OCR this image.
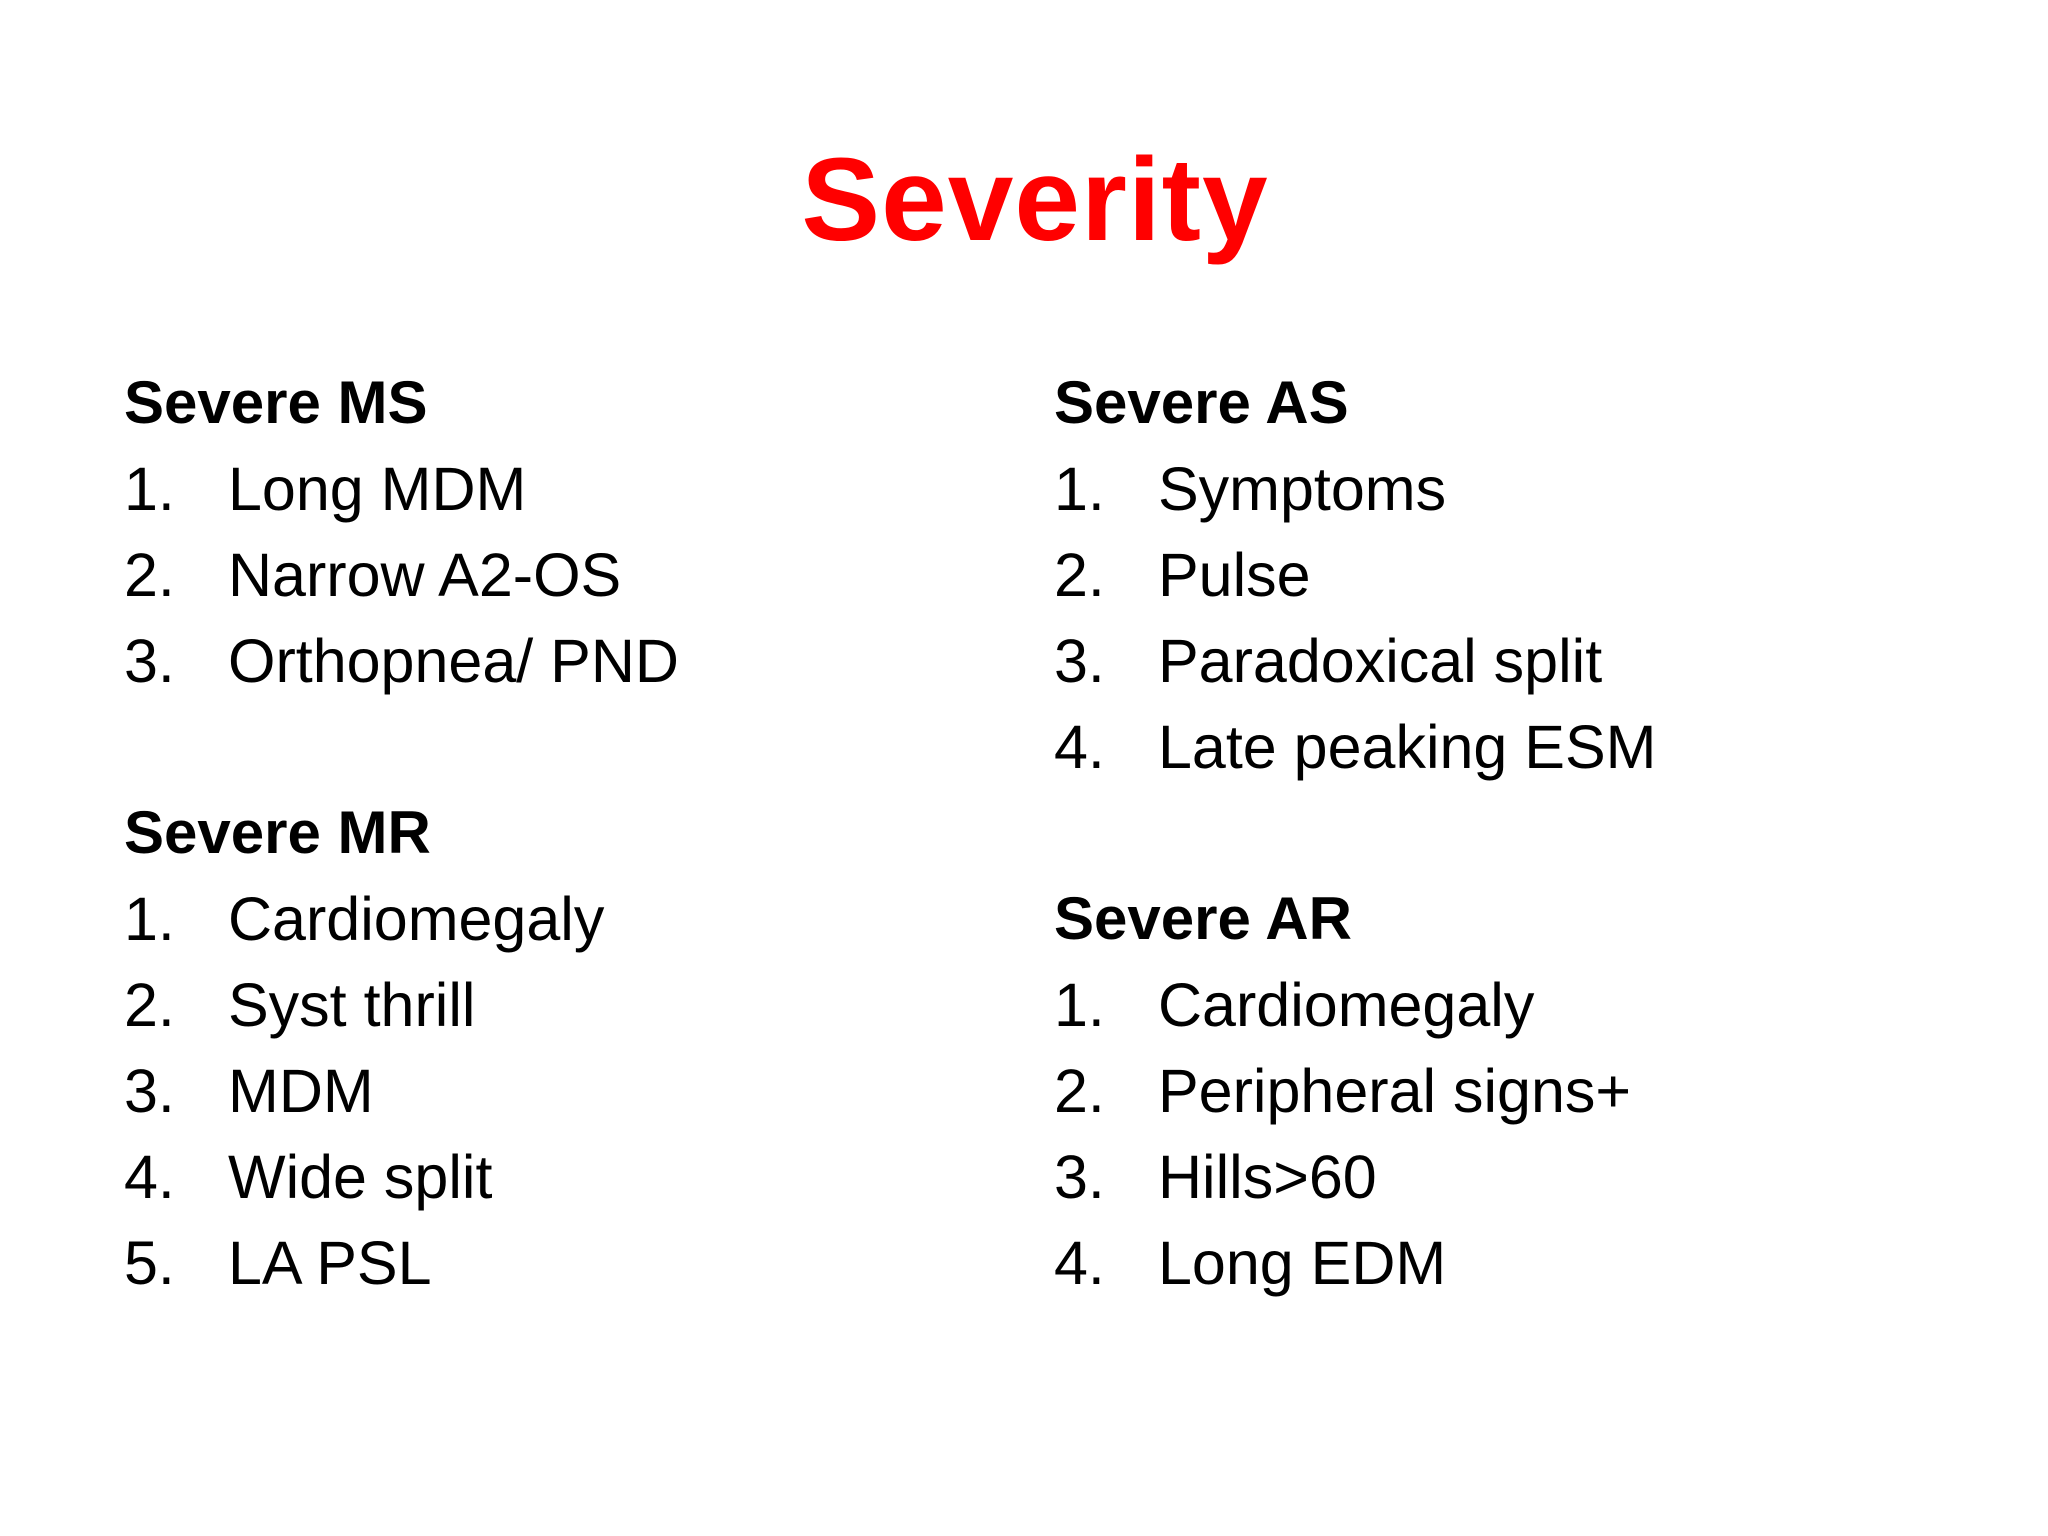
Severity
Severe MS
1. Long MDM
2. Narrow A2-OS
3. Orthopnea/ PND
Severe MR
1. Cardiomegaly
2. Syst thrill
3. MDM
4. Wide split
5. LA PSL
Severe AS
1. Symptoms
2. Pulse
3. Paradoxical split
4. Late peaking ESM
Severe AR
1. Cardiomegaly
2. Peripheral signs+
3. Hills>60
4. Long EDM
